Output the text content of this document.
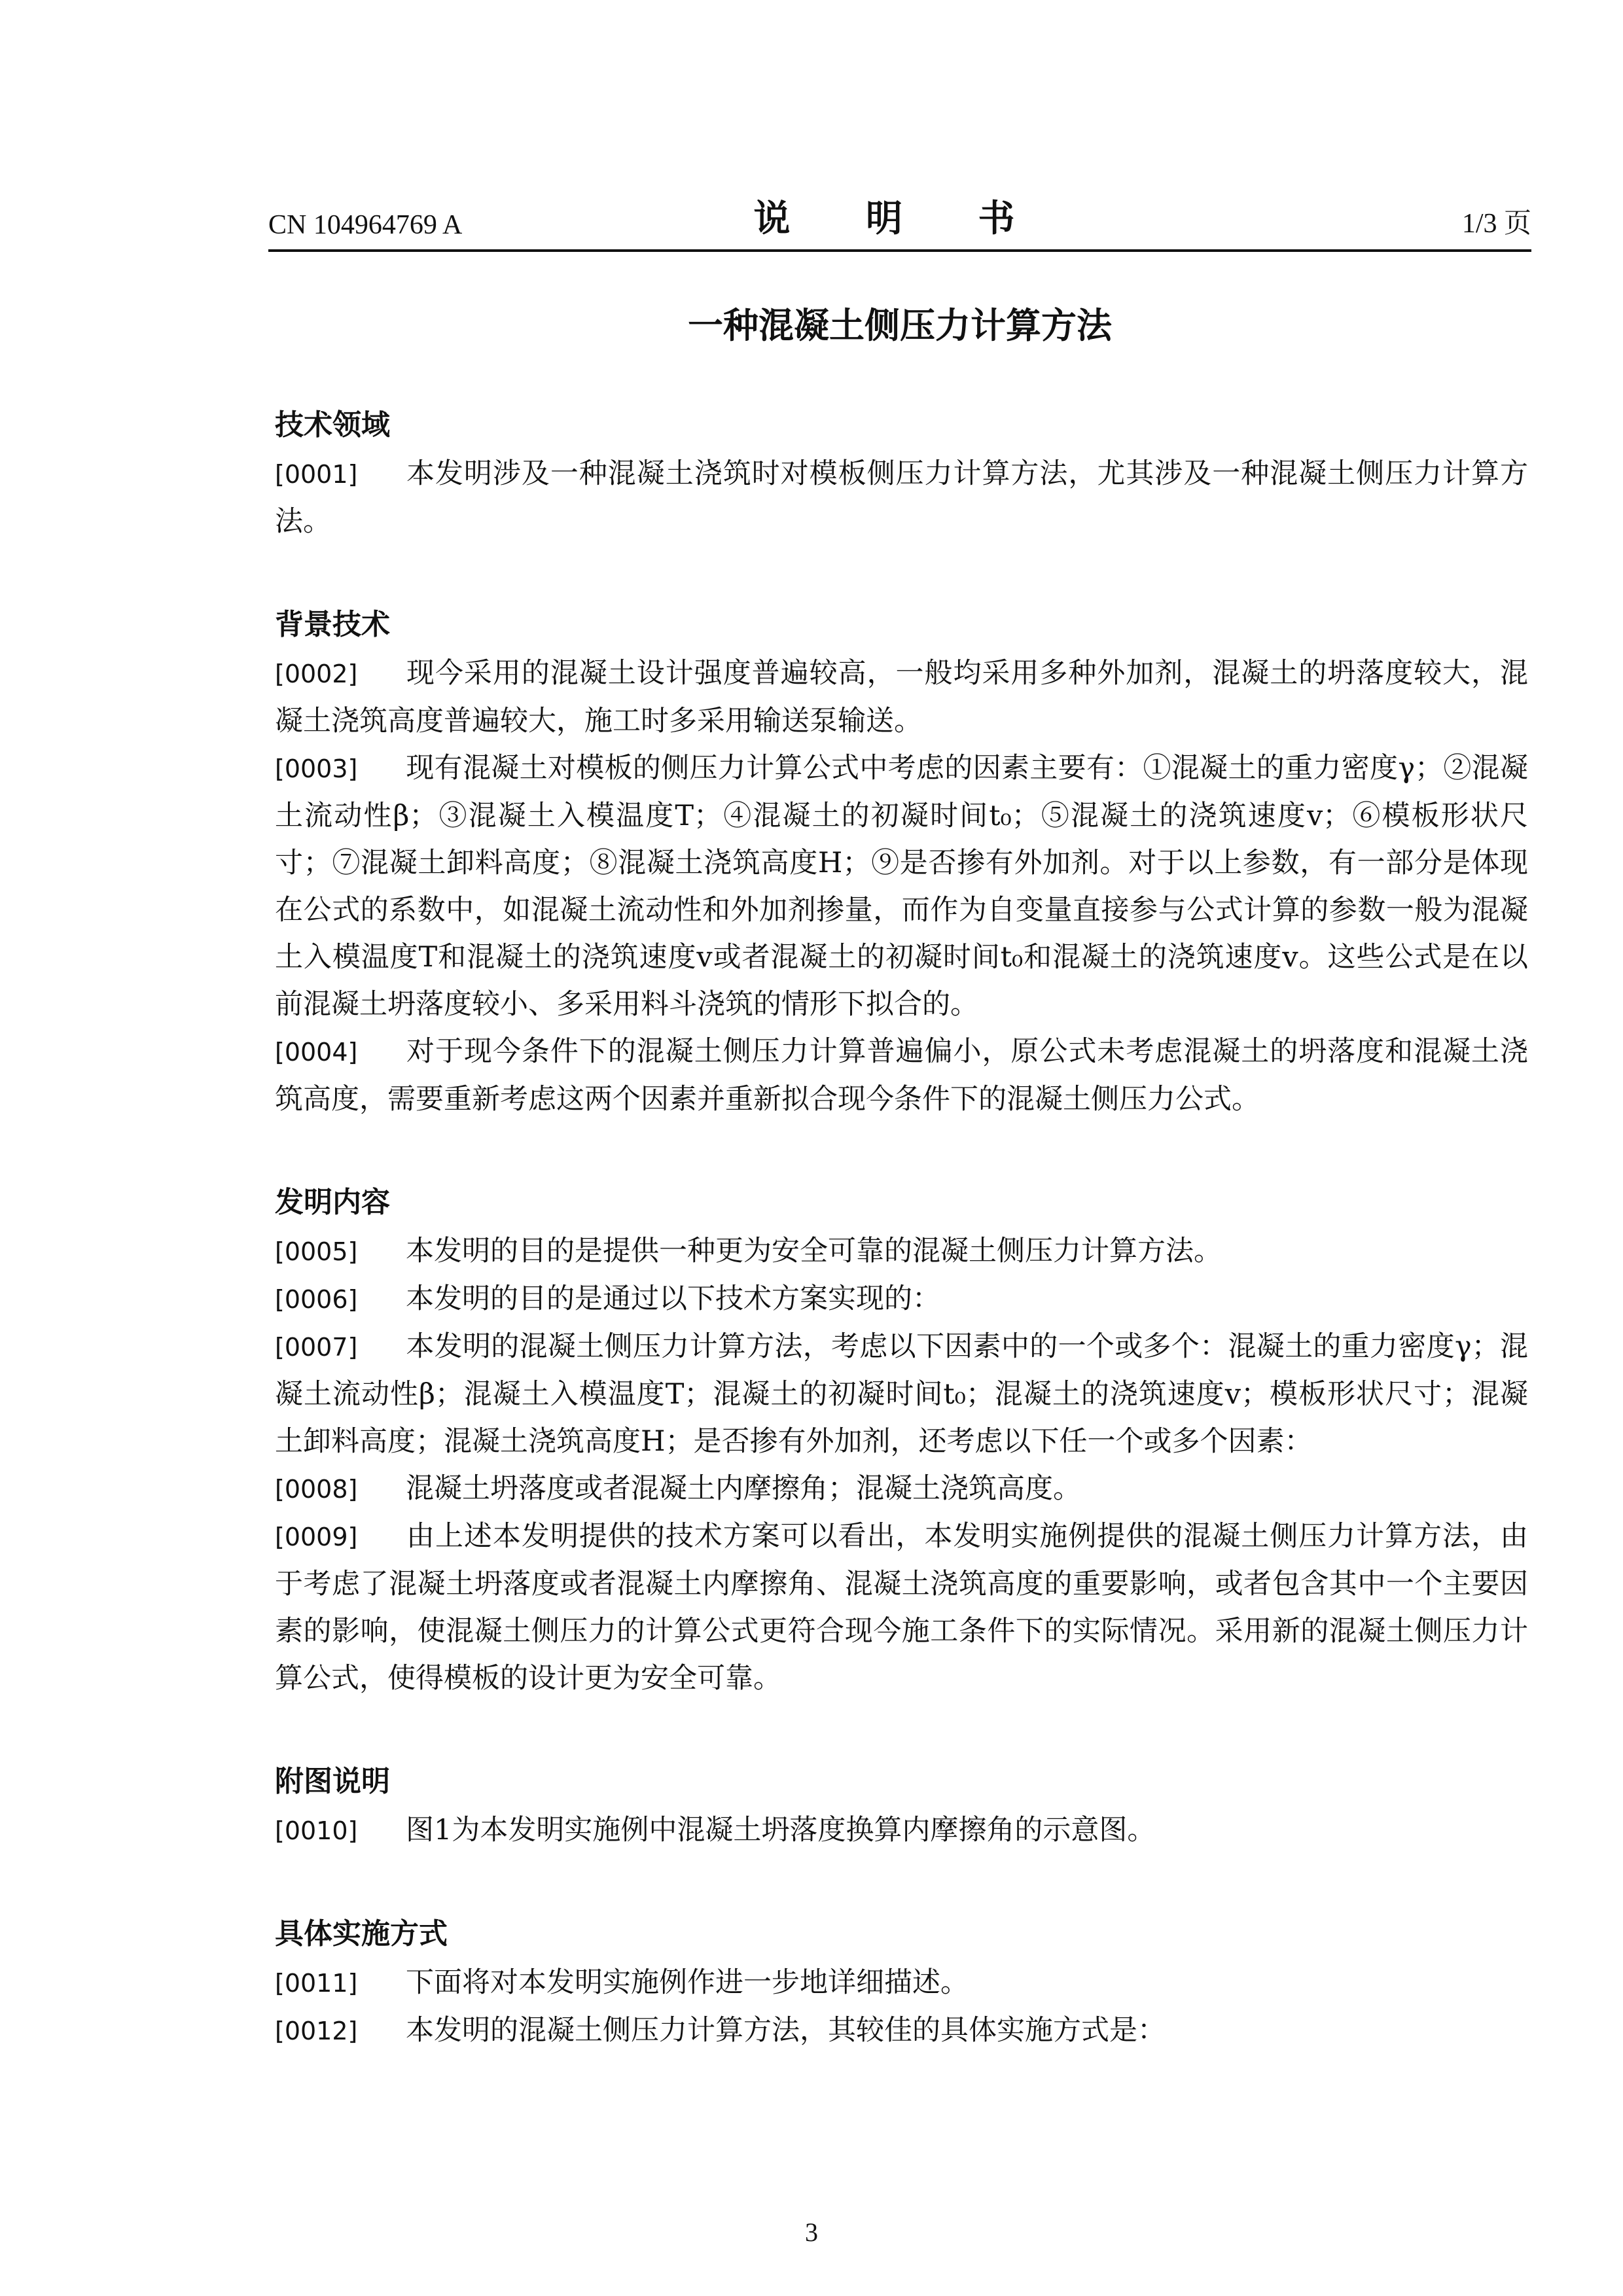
CN 104964769 A	说 明 书	1/3 页
一种混凝土侧压力计算方法
技术领域
[0001] 本发明涉及一种混凝土浇筑时对模板侧压力计算方法，尤其涉及一种混凝土侧压力计算方法。
背景技术
[0002] 现今采用的混凝土设计强度普遍较高，一般均采用多种外加剂，混凝土的坍落度较大，混凝土浇筑高度普遍较大，施工时多采用输送泵输送。
[0003] 现有混凝土对模板的侧压力计算公式中考虑的因素主要有：①混凝土的重力密度γ；②混凝土流动性β；③混凝土入模温度T；④混凝土的初凝时间t₀；⑤混凝土的浇筑速度v；⑥模板形状尺寸；⑦混凝土卸料高度；⑧混凝土浇筑高度H；⑨是否掺有外加剂。对于以上参数，有一部分是体现在公式的系数中，如混凝土流动性和外加剂掺量，而作为自变量直接参与公式计算的参数一般为混凝土入模温度T和混凝土的浇筑速度v或者混凝土的初凝时间t₀和混凝土的浇筑速度v。这些公式是在以前混凝土坍落度较小、多采用料斗浇筑的情形下拟合的。
[0004] 对于现今条件下的混凝土侧压力计算普遍偏小，原公式未考虑混凝土的坍落度和混凝土浇筑高度，需要重新考虑这两个因素并重新拟合现今条件下的混凝土侧压力公式。
发明内容
[0005] 本发明的目的是提供一种更为安全可靠的混凝土侧压力计算方法。
[0006] 本发明的目的是通过以下技术方案实现的：
[0007] 本发明的混凝土侧压力计算方法，考虑以下因素中的一个或多个：混凝土的重力密度γ；混凝土流动性β；混凝土入模温度T；混凝土的初凝时间t₀；混凝土的浇筑速度v；模板形状尺寸；混凝土卸料高度；混凝土浇筑高度H；是否掺有外加剂，还考虑以下任一个或多个因素：
[0008] 混凝土坍落度或者混凝土内摩擦角；混凝土浇筑高度。
[0009] 由上述本发明提供的技术方案可以看出，本发明实施例提供的混凝土侧压力计算方法，由于考虑了混凝土坍落度或者混凝土内摩擦角、混凝土浇筑高度的重要影响，或者包含其中一个主要因素的影响，使混凝土侧压力的计算公式更符合现今施工条件下的实际情况。采用新的混凝土侧压力计算公式，使得模板的设计更为安全可靠。
附图说明
[0010] 图1为本发明实施例中混凝土坍落度换算内摩擦角的示意图。
具体实施方式
[0011] 下面将对本发明实施例作进一步地详细描述。
[0012] 本发明的混凝土侧压力计算方法，其较佳的具体实施方式是：
3
